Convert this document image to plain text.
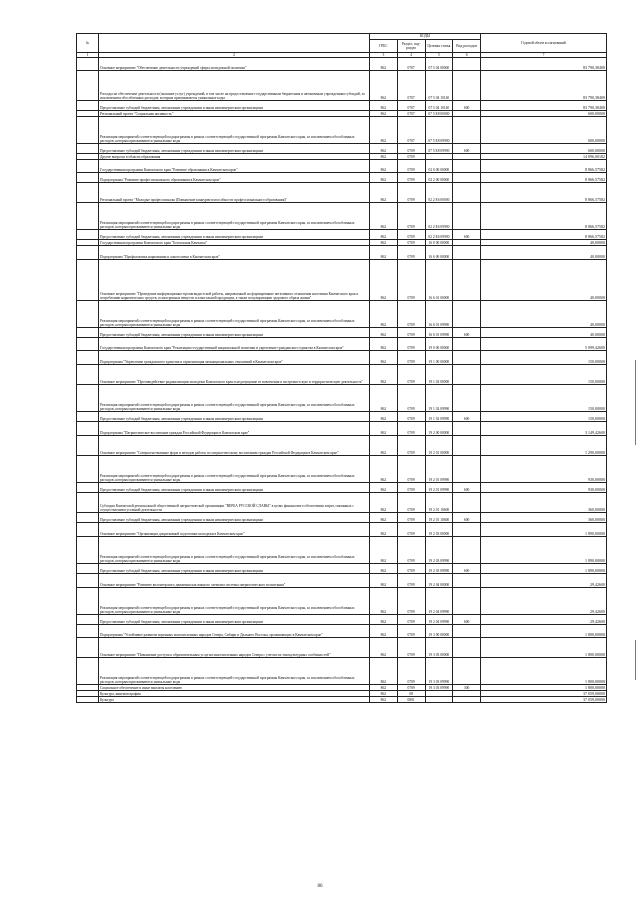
№		КОДЫ				Годовой объем ассигнований
		ГРБС	Раздел, под-раздел	Целевая статья	Вид расходов	
1	2	3	4	5	6	7
	Основное мероприятие "Обеспечение деятельности учреждений сферы молодежной политики"	862	0707	07 5 04 00000		83 790,38400
	Расходы на обеспечение деятельности (оказание услуг) учреждений, в том числе на предоставление государственным бюджетным и автономным учреждениям субсидий, за исключением обособленных расходов, которым присваиваются уникальные коды	862	0707	07 5 04 10140		83 790,38400
	Предоставление субсидий бюджетным, автономным учреждениям и иным некоммерческим организациям	862	0707	07 5 04 10140	600	83 790,38400
	Региональный проект "Социальная активность"	862	0707	07 5 E8 00000		600,00000
	Реализация мероприятий соответствующей подпрограммы в рамках соответствующей государственной программы Камчатского края, за исключением обособленных расходов, которым присваиваются уникальные коды	862	0707	07 5 E8 09990		600,00000
	Предоставление субсидий бюджетным, автономным учреждениям и иным некоммерческим организациям	862	0709	07 5 E8 09990	600	600,00000
	Другие вопросы в области образования	862	0709			14 096,00182
	Государственная программа Камчатского края "Развитие образования в Камчатском крае"	862	0709	02 0 00 00000		8 866,57582
	Подпрограмма "Развитие профессионального образования в Камчатском крае"	862	0709	02 2 00 00000		8 866,57582
	Региональный проект "Молодые профессионалы (Повышение конкурентоспособности профессионального образования)"	862	0709	02 2 E6 00000		8 866,57582
	Реализация мероприятий соответствующей подпрограммы в рамках соответствующей государственной программы Камчатского края, за исключением обособленных расходов, которым присваиваются уникальные коды	862	0709	02 2 E6 09990		8 866,57582
	Предоставление субсидий бюджетным, автономным учреждениям и иным некоммерческим организациям	862	0709	02 2 E6 09990	600	8 866,57582
	Государственная программа Камчатского края "Безопасная Камчатка"	862	0709	16 0 00 00000		40,00000
	Подпрограмма "Профилактика наркомании и алкоголизма в Камчатском крае"	862	0709	16 6 00 00000		40,00000
	Основное мероприятие "Проведение информационно-пропагандистской работы, направленной на формирование негативного отношения населения Камчатского края к потреблению наркотических средств, психотропных веществ и алкогольной продукции, а также популяризацию здорового образа жизни"	862	0709	16 6 01 00000		40,00000
	Реализация мероприятий соответствующей подпрограммы в рамках соответствующей государственной программы Камчатского края, за исключением обособленных расходов, которым присваиваются уникальные коды	862	0709	16 6 01 09990		40,00000
	Предоставление субсидий бюджетным, автономным учреждениям и иным некоммерческим организациям	862	0709	16 6 01 09990	600	40,00000
	Государственная программа Камчатского края "Реализация государственной национальной политики и укрепление гражданского единства в Камчатском крае"	862	0709	19 0 00 00000		5 099,42600
	Подпрограмма "Укрепление гражданского единства и гармонизация межнациональных отношений в Камчатском крае"	862	0709	19 1 00 00000		150,00000
	Основное мероприятие "Противодействие радикализации молодежи Камчатского края и недопущение ее вовлечения в экстремистскую и террористическую деятельность"	862	0709	19 1 02 00000		150,00000
	Реализация мероприятий соответствующей подпрограммы в рамках соответствующей государственной программы Камчатского края, за исключением обособленных расходов, которым присваиваются уникальные коды	862	0709	19 1 02 09990		150,00000
	Предоставление субсидий бюджетным, автономным учреждениям и иным некоммерческим организациям	862	0709	19 1 02 09990	600	150,00000
	Подпрограмма "Патриотическое воспитание граждан Российской Федерации в Камчатском крае"	862	0709	19 2 00 00000		3 149,42600
	Основное мероприятие "Совершенствование форм и методов работы по патриотическому воспитанию граждан Российской Федерации в Камчатском крае"	862	0709	19 2 01 00000		1 290,00000
	Реализация мероприятий соответствующей подпрограммы в рамках соответствующей государственной программы Камчатского края, за исключением обособленных расходов, которым присваиваются уникальные коды	862	0709	19 2 01 09990		930,00000
	Предоставление субсидий бюджетным, автономным учреждениям и иным некоммерческим организациям	862	0709	19 2 01 09990	600	930,00000
	Субсидия Камчатской региональной общественной патриотической организации "ВЕРБА РУССКОЙ СЛАВЫ" в целях финансового обеспечения затрат, связанных с осуществлением уставной деятельности	862	0709	19 2 01 10600		360,00000
	Предоставление субсидий бюджетным, автономным учреждениям и иным некоммерческим организациям	862	0709	19 2 01 10600	600	360,00000
	Основное мероприятие "Организация допризывной подготовки молодежи в Камчатском крае"	862	0709	19 2 03 00000		1 890,00000
	Реализация мероприятий соответствующей подпрограммы в рамках соответствующей государственной программы Камчатского края, за исключением обособленных расходов, которым присваиваются уникальные коды	862	0709	19 2 03 09990		1 890,00000
	Предоставление субсидий бюджетным, автономным учреждениям и иным некоммерческим организациям	862	0709	19 2 03 09990	600	1 890,00000
	Основное мероприятие "Развитие волонтерского движения как важного элемента системы патриотического воспитания"	862	0709	19 2 04 00000		29,42600
	Реализация мероприятий соответствующей подпрограммы в рамках соответствующей государственной программы Камчатского края, за исключением обособленных расходов, которым присваиваются уникальные коды	862	0709	19 2 04 09990		29,42600
	Предоставление субсидий бюджетным, автономным учреждениям и иным некоммерческим организациям	862	0709	19 2 04 09990	600	29,42600
	Подпрограмма "Устойчивое развитие коренных малочисленных народов Севера, Сибири и Дальнего Востока, проживающих в Камчатском крае"	862	0709	19 3 00 00000		1 800,00000
	Основное мероприятие "Повышение доступа к образовательным услугам малочисленных народов Севера с учетом их этнокультурных особенностей"	862	0709	19 3 03 00000		1 800,00000
	Реализация мероприятий соответствующей подпрограммы в рамках соответствующей государственной программы Камчатского края, за исключением обособленных расходов, которым присваиваются уникальные коды	862	0709	19 3 03 09990		1 800,00000
	Социальное обеспечение и иные выплаты населению	862	0709	19 3 03 09990	300	1 800,00000
	Культура, кинематография	862	08			37 059,00000
	Культура	862	0801			37 059,00000
86
